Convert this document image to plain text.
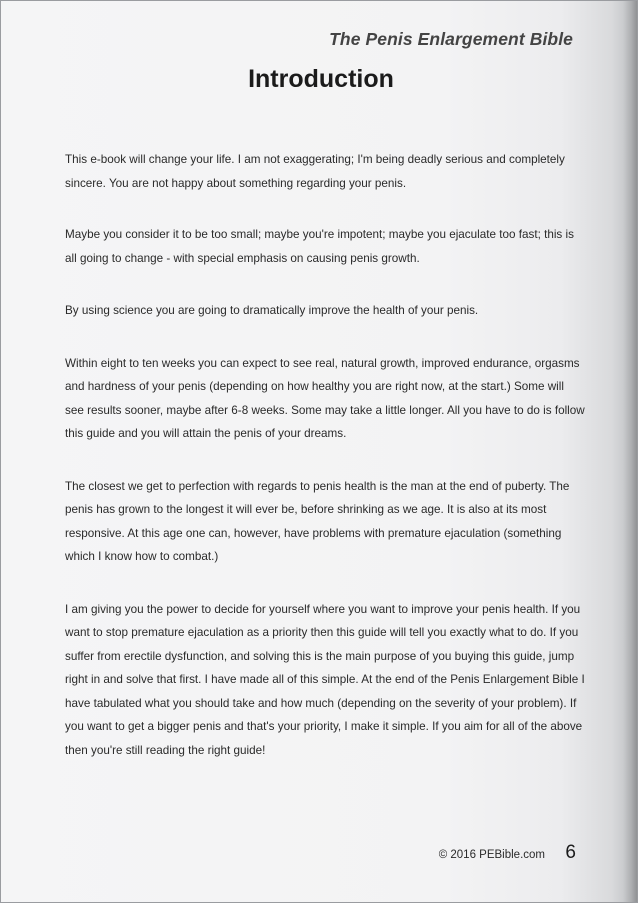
The Penis Enlargement Bible
Introduction

This e-book will change your life. I am not exaggerating; I'm being deadly serious and completely sincere. You are not happy about something regarding your penis.

Maybe you consider it to be too small; maybe you're impotent; maybe you ejaculate too fast; this is all going to change - with special emphasis on causing penis growth.

By using science you are going to dramatically improve the health of your penis.

Within eight to ten weeks you can expect to see real, natural growth, improved endurance, orgasms and hardness of your penis (depending on how healthy you are right now, at the start.) Some will see results sooner, maybe after 6-8 weeks. Some may take a little longer. All you have to do is follow this guide and you will attain the penis of your dreams.

The closest we get to perfection with regards to penis health is the man at the end of puberty. The penis has grown to the longest it will ever be, before shrinking as we age. It is also at its most responsive. At this age one can, however, have problems with premature ejaculation (something which I know how to combat.)

I am giving you the power to decide for yourself where you want to improve your penis health. If you want to stop premature ejaculation as a priority then this guide will tell you exactly what to do. If you suffer from erectile dysfunction, and solving this is the main purpose of you buying this guide, jump right in and solve that first. I have made all of this simple. At the end of the Penis Enlargement Bible I have tabulated what you should take and how much (depending on the severity of your problem). If you want to get a bigger penis and that's your priority, I make it simple. If you aim for all of the above then you're still reading the right guide!

© 2016 PEBible.com 6
